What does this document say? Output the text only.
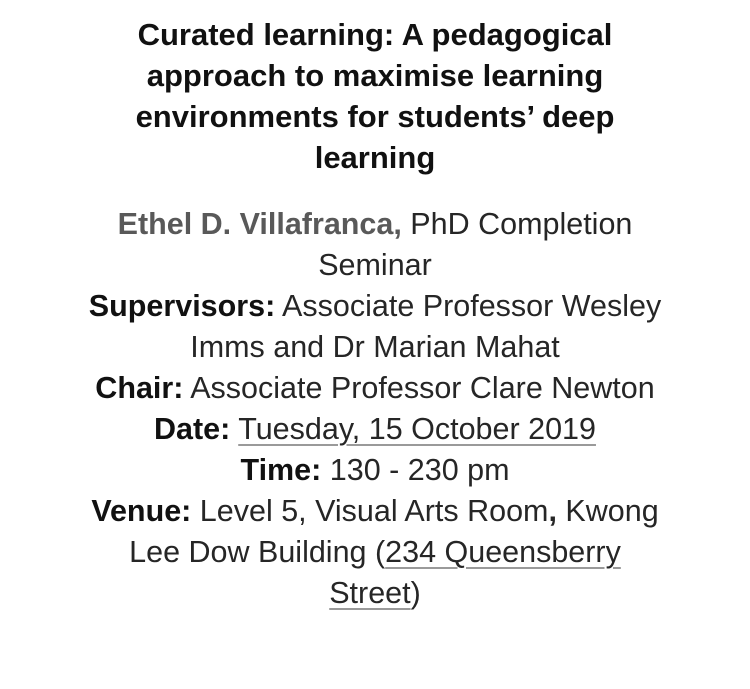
Curated learning: A pedagogical
approach to maximise learning
environments for students’ deep
learning
Ethel D. Villafranca, PhD Completion
Seminar
Supervisors: Associate Professor Wesley
Imms and Dr Marian Mahat
Chair: Associate Professor Clare Newton
Date: Tuesday, 15 October 2019
Time: 130 - 230 pm
Venue: Level 5, Visual Arts Room, Kwong
Lee Dow Building (234 Queensberry
Street)
